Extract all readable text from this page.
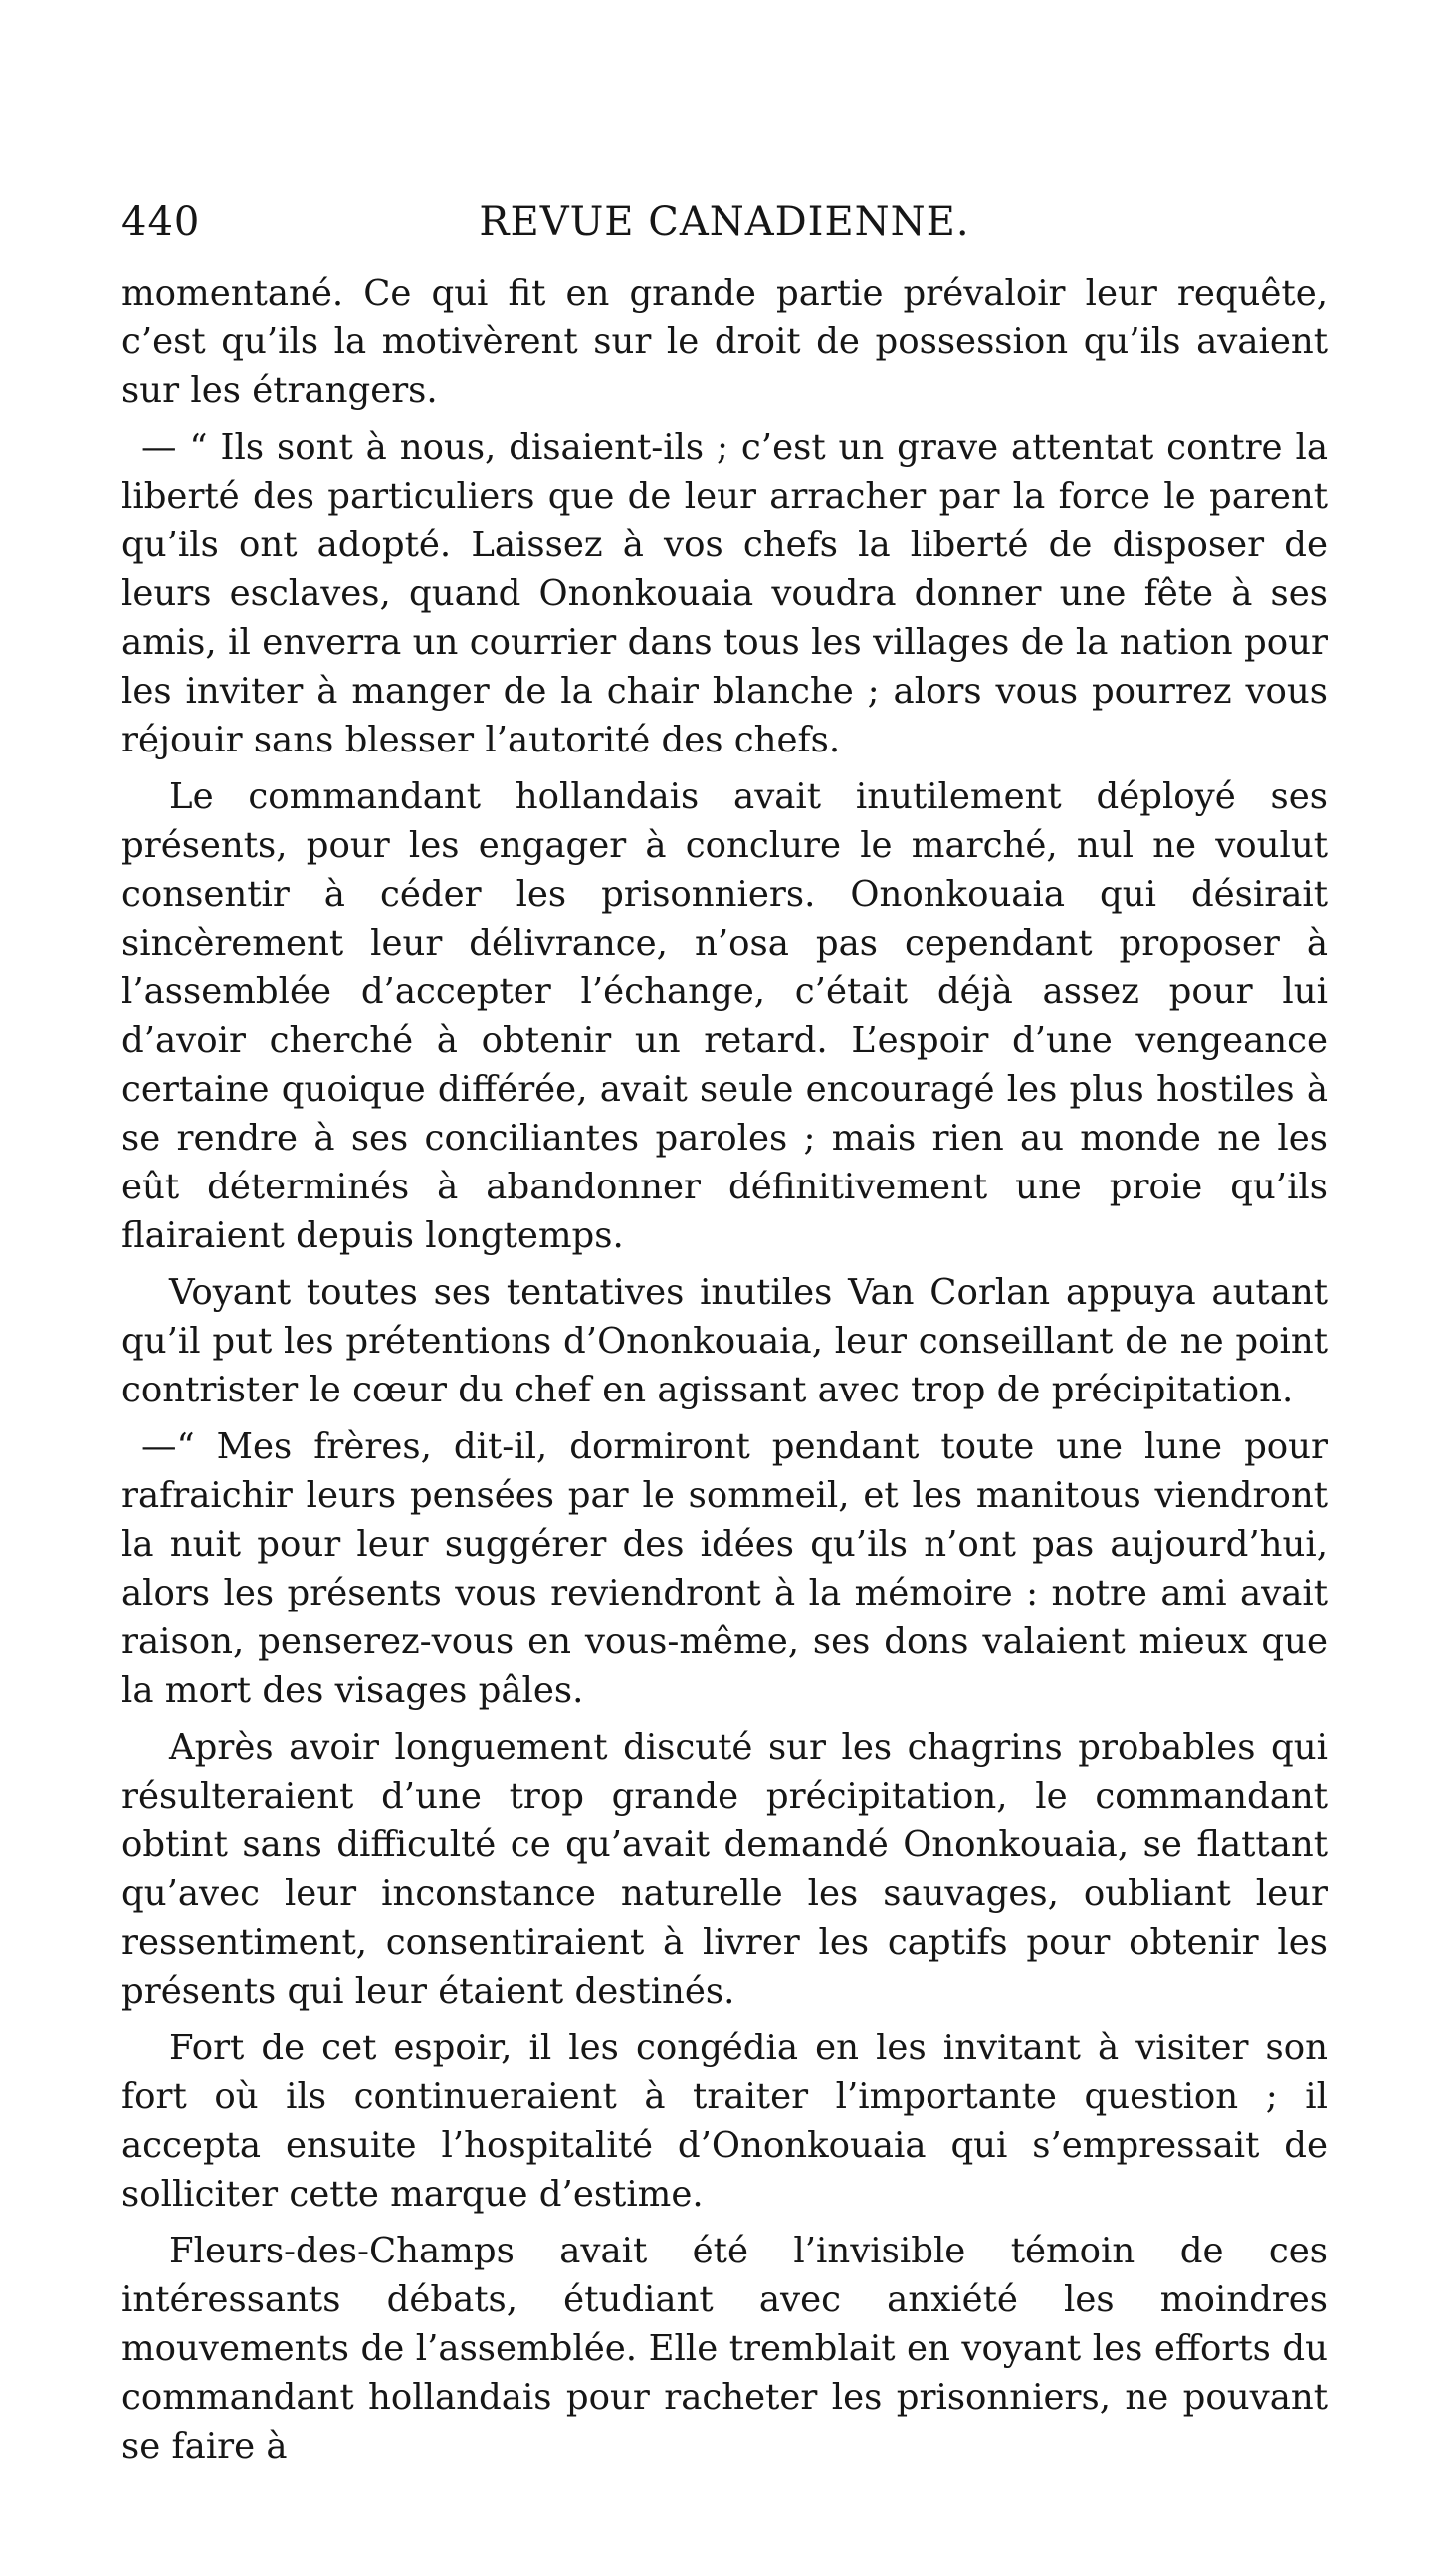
440	REVUE CANADIENNE.

momentané. Ce qui fit en grande partie prévaloir leur requête, c’est qu’ils la motivèrent sur le droit de possession qu’ils avaient sur les étrangers.

— “ Ils sont à nous, disaient-ils ; c’est un grave attentat contre la liberté des particuliers que de leur arracher par la force le parent qu’ils ont adopté. Laissez à vos chefs la liberté de disposer de leurs esclaves, quand Ononkouaia voudra donner une fête à ses amis, il enverra un courrier dans tous les villages de la nation pour les inviter à manger de la chair blanche ; alors vous pourrez vous réjouir sans blesser l’autorité des chefs.

Le commandant hollandais avait inutilement déployé ses présents, pour les engager à conclure le marché, nul ne voulut consentir à céder les prisonniers. Ononkouaia qui désirait sincèrement leur délivrance, n’osa pas cependant proposer à l’assemblée d’accepter l’échange, c’était déjà assez pour lui d’avoir cherché à obtenir un retard. L’espoir d’une vengeance certaine quoique différée, avait seule encouragé les plus hostiles à se rendre à ses conciliantes paroles ; mais rien au monde ne les eût déterminés à abandonner définitivement une proie qu’ils flairaient depuis longtemps.

Voyant toutes ses tentatives inutiles Van Corlan appuya autant qu’il put les prétentions d’Ononkouaia, leur conseillant de ne point contrister le cœur du chef en agissant avec trop de précipitation.

—“ Mes frères, dit-il, dormiront pendant toute une lune pour rafraichir leurs pensées par le sommeil, et les manitous viendront la nuit pour leur suggérer des idées qu’ils n’ont pas aujourd’hui, alors les présents vous reviendront à la mémoire : notre ami avait raison, penserez-vous en vous-même, ses dons valaient mieux que la mort des visages pâles.

Après avoir longuement discuté sur les chagrins probables qui résulteraient d’une trop grande précipitation, le commandant obtint sans difficulté ce qu’avait demandé Ononkouaia, se flattant qu’avec leur inconstance naturelle les sauvages, oubliant leur ressentiment, consentiraient à livrer les captifs pour obtenir les présents qui leur étaient destinés.

Fort de cet espoir, il les congédia en les invitant à visiter son fort où ils continueraient à traiter l’importante question ; il accepta ensuite l’hospitalité d’Ononkouaia qui s’empressait de solliciter cette marque d’estime.

Fleurs-des-Champs avait été l’invisible témoin de ces intéressants débats, étudiant avec anxiété les moindres mouvements de l’assemblée. Elle tremblait en voyant les efforts du commandant hollandais pour racheter les prisonniers, ne pouvant se faire à
